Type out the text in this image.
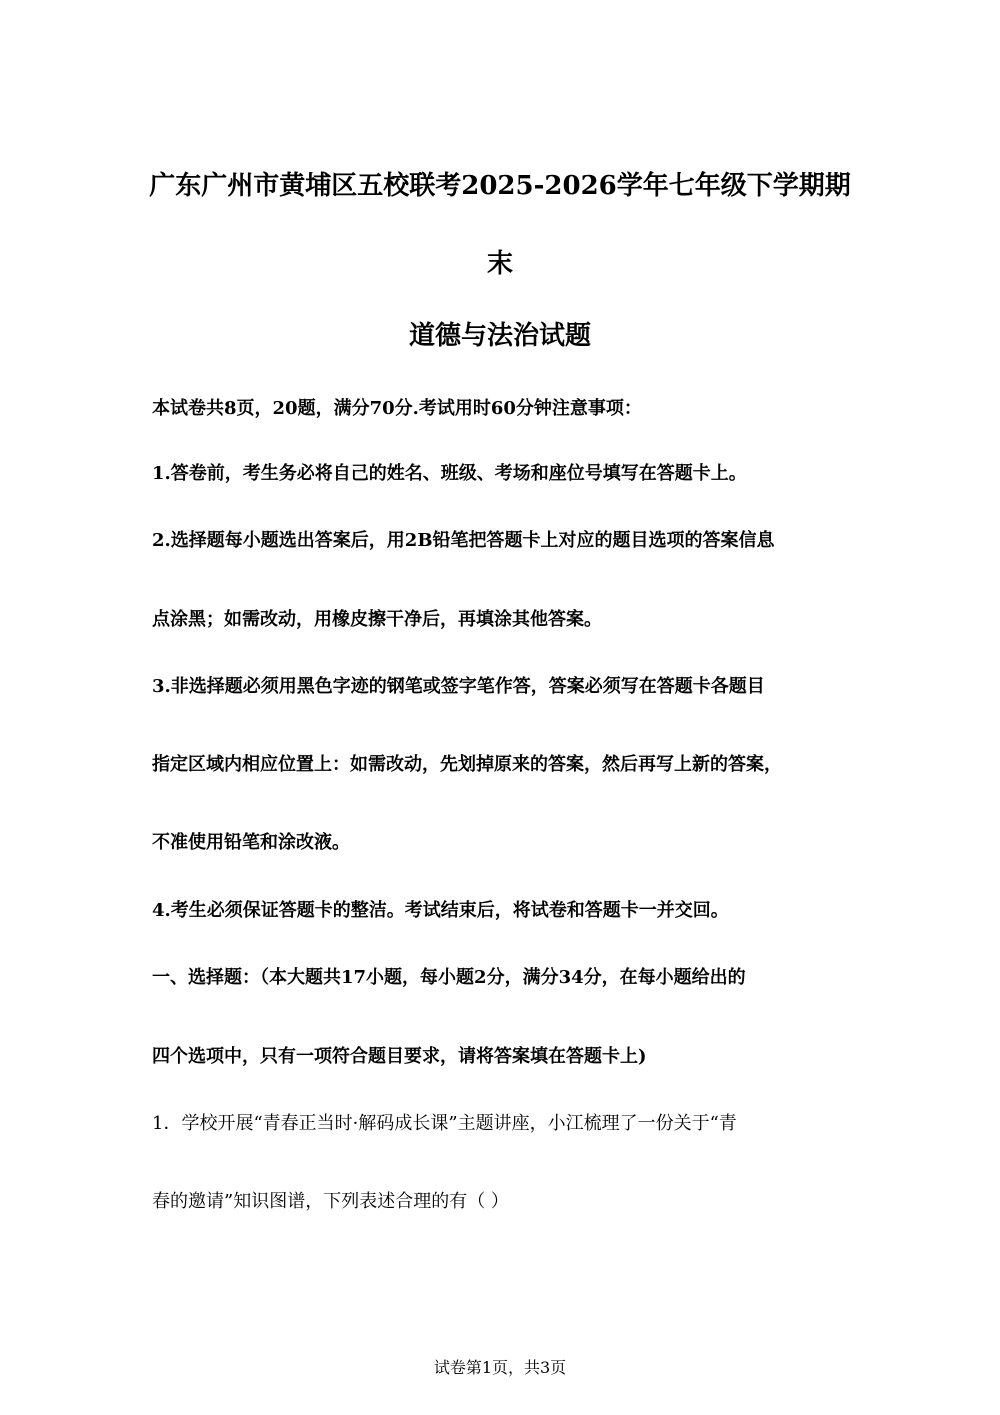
广东广州市黄埔区五校联考2025-2026学年七年级下学期期
末
道德与法治试题
本试卷共8页，20题，满分70分.考试用时60分钟注意事项：
1.答卷前，考生务必将自己的姓名、班级、考场和座位号填写在答题卡上。
2.选择题每小题选出答案后，用2B铅笔把答题卡上对应的题目选项的答案信息
点涂黑；如需改动，用橡皮擦干净后，再填涂其他答案。
3.非选择题必须用黑色字迹的钢笔或签字笔作答，答案必须写在答题卡各题目
指定区域内相应位置上：如需改动，先划掉原来的答案，然后再写上新的答案，
不准使用铅笔和涂改液。
4.考生必须保证答题卡的整洁。考试结束后，将试卷和答题卡一并交回。
一、选择题：（本大题共17小题，每小题2分，满分34分，在每小题给出的
四个选项中，只有一项符合题目要求，请将答案填在答题卡上)
1．学校开展“青春正当时·解码成长课”主题讲座，小江梳理了一份关于“青
春的邀请”知识图谱，下列表述合理的有（ ）
试卷第1页，共3页
